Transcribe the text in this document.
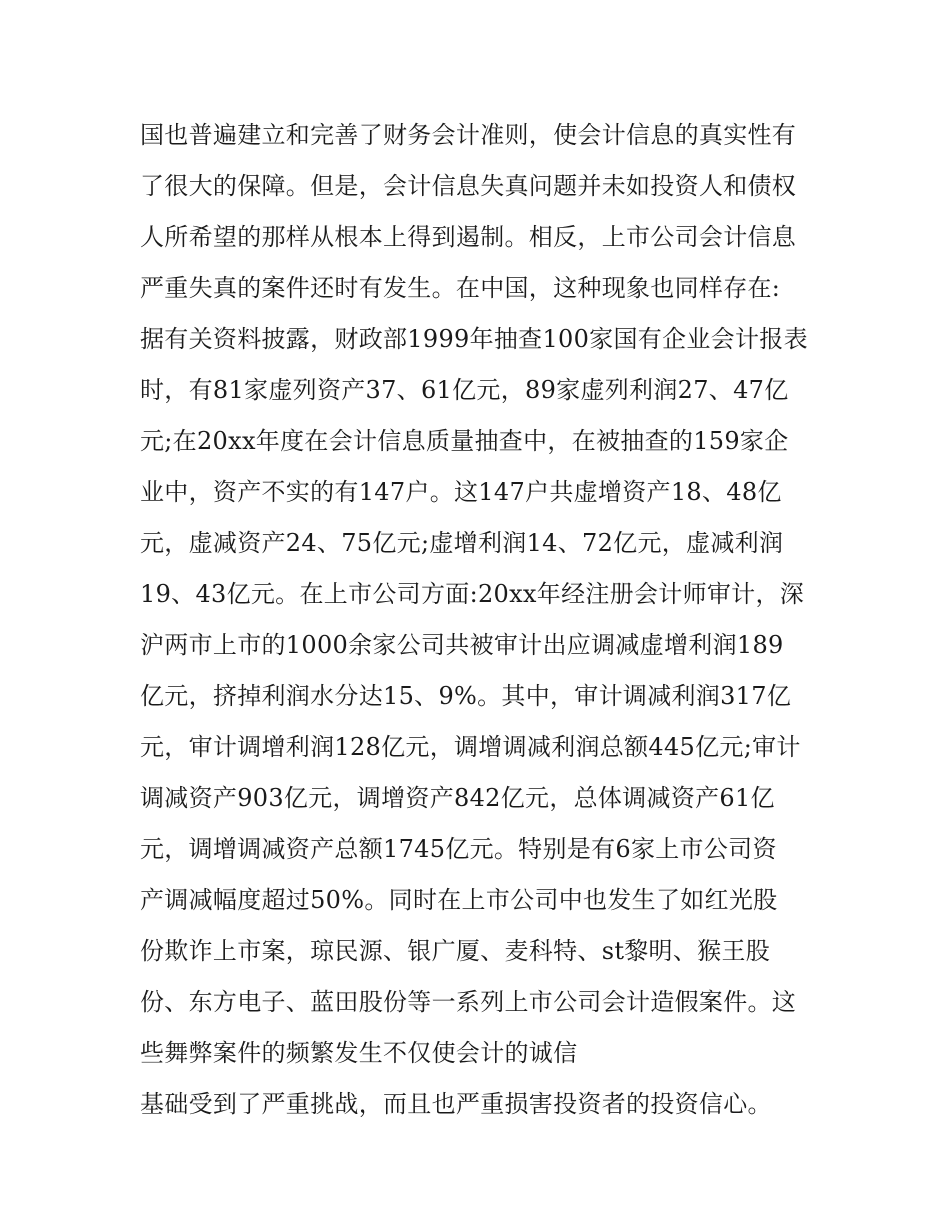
国也普遍建立和完善了财务会计准则，使会计信息的真实性有
了很大的保障。但是，会计信息失真问题并未如投资人和债权
人所希望的那样从根本上得到遏制。相反，上市公司会计信息
严重失真的案件还时有发生。在中国，这种现象也同样存在:
据有关资料披露，财政部1999年抽查100家国有企业会计报表
时，有81家虚列资产37、61亿元，89家虚列利润27、47亿
元;在20xx年度在会计信息质量抽查中，在被抽查的159家企
业中，资产不实的有147户。这147户共虚增资产18、48亿
元，虚减资产24、75亿元;虚增利润14、72亿元，虚减利润
19、43亿元。在上市公司方面:20xx年经注册会计师审计，深
沪两市上市的1000余家公司共被审计出应调减虚增利润189
亿元，挤掉利润水分达15、9%。其中，审计调减利润317亿
元，审计调增利润128亿元，调增调减利润总额445亿元;审计
调减资产903亿元，调增资产842亿元，总体调减资产61亿
元，调增调减资产总额1745亿元。特别是有6家上市公司资
产调减幅度超过50%。同时在上市公司中也发生了如红光股
份欺诈上市案，琼民源、银广厦、麦科特、st黎明、猴王股
份、东方电子、蓝田股份等一系列上市公司会计造假案件。这
些舞弊案件的频繁发生不仅使会计的诚信
基础受到了严重挑战，而且也严重损害投资者的投资信心。
